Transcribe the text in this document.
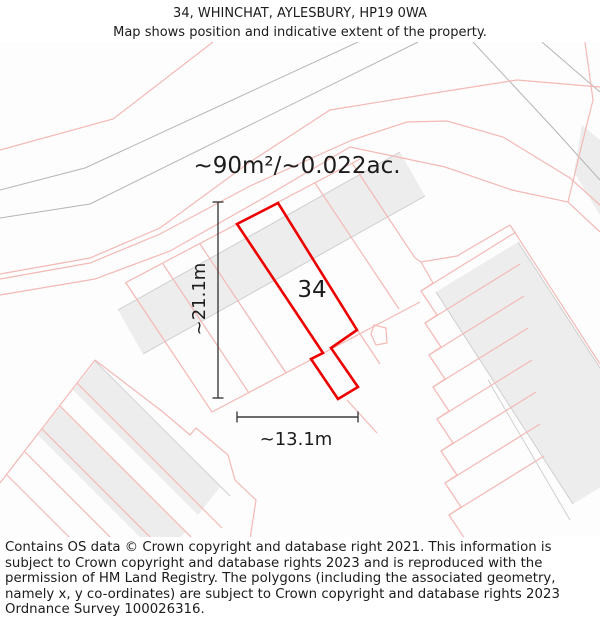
34, WHINCHAT, AYLESBURY, HP19 0WA
Map shows position and indicative extent of the property.
~90m²/~0.022ac.
34
~21.1m
~13.1m
Contains OS data © Crown copyright and database right 2021. This information is subject to Crown copyright and database rights 2023 and is reproduced with the permission of HM Land Registry. The polygons (including the associated geometry, namely x, y co-ordinates) are subject to Crown copyright and database rights 2023 Ordnance Survey 100026316.
